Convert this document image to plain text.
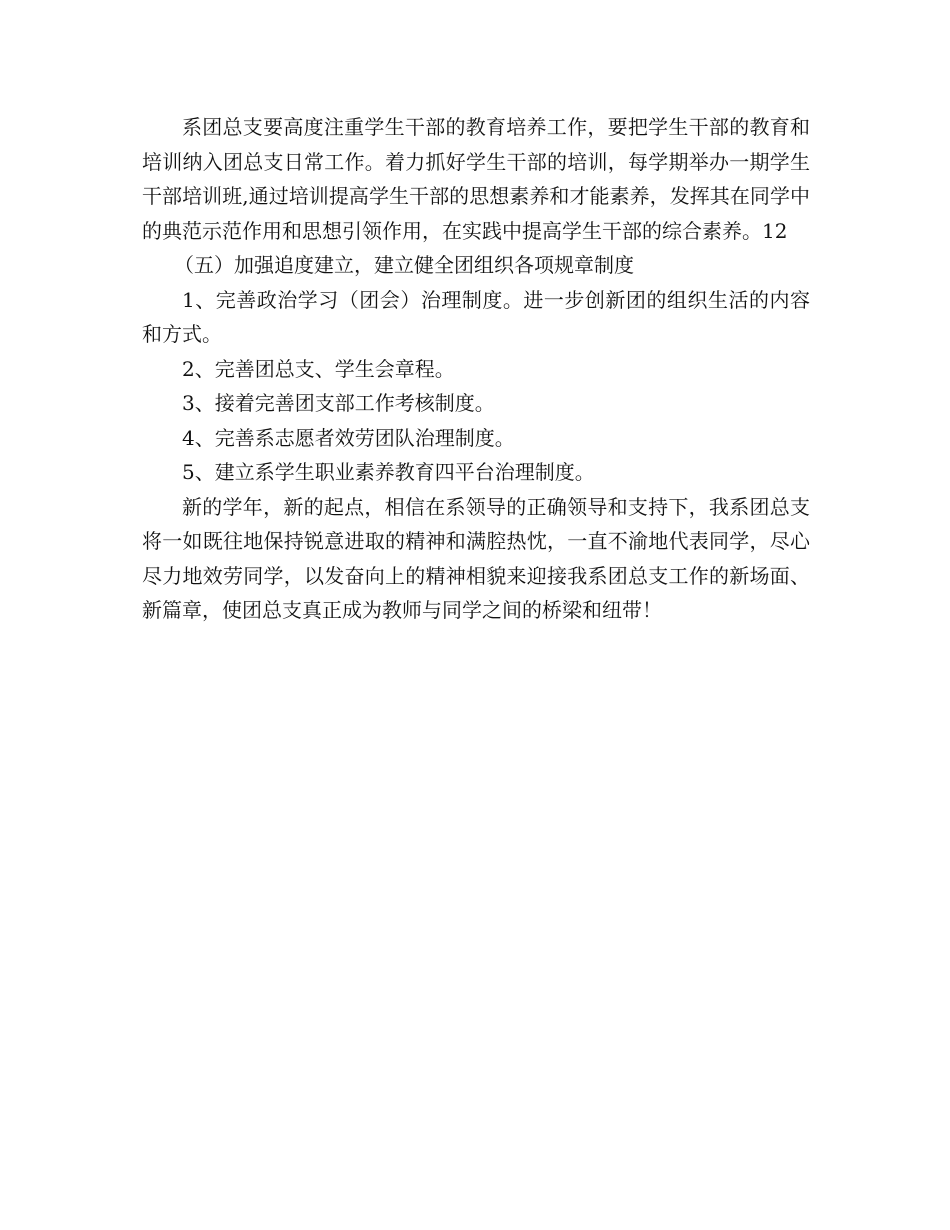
系团总支要高度注重学生干部的教育培养工作，要把学生干部的教育和培训纳入团总支日常工作。着力抓好学生干部的培训，每学期举办一期学生干部培训班,通过培训提高学生干部的思想素养和才能素养，发挥其在同学中的典范示范作用和思想引领作用，在实践中提高学生干部的综合素养。12

（五）加强追度建立，建立健全团组织各项规章制度

1、完善政治学习（团会）治理制度。进一步创新团的组织生活的内容和方式。

2、完善团总支、学生会章程。

3、接着完善团支部工作考核制度。

4、完善系志愿者效劳团队治理制度。

5、建立系学生职业素养教育四平台治理制度。

新的学年，新的起点，相信在系领导的正确领导和支持下，我系团总支将一如既往地保持锐意进取的精神和满腔热忱，一直不渝地代表同学，尽心尽力地效劳同学，以发奋向上的精神相貌来迎接我系团总支工作的新场面、新篇章，使团总支真正成为教师与同学之间的桥梁和纽带！
